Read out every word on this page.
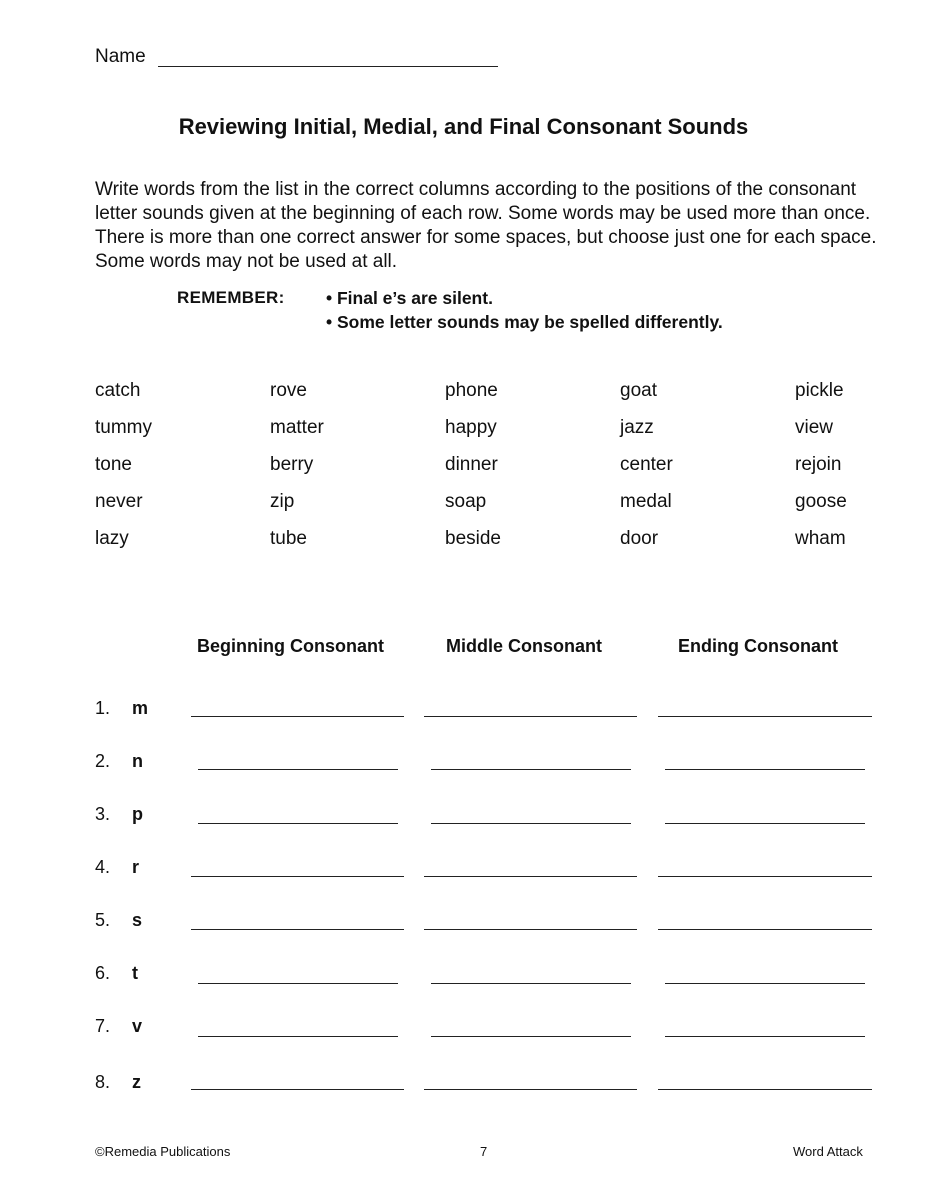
Name
Reviewing Initial, Medial, and Final Consonant Sounds
Write words from the list in the correct columns according to the positions of the consonant letter sounds given at the beginning of each row. Some words may be used more than once. There is more than one correct answer for some spaces, but choose just one for each space. Some words may not be used at all.
REMEMBER: • Final e’s are silent.
• Some letter sounds may be spelled differently.
catch	rove	phone	goat	pickle
tummy	matter	happy	jazz	view
tone	berry	dinner	center	rejoin
never	zip	soap	medal	goose
lazy	tube	beside	door	wham
Beginning Consonant	Middle Consonant	Ending Consonant
1. m
2. n
3. p
4. r
5. s
6. t
7. v
8. z
©Remedia Publications	7	Word Attack
